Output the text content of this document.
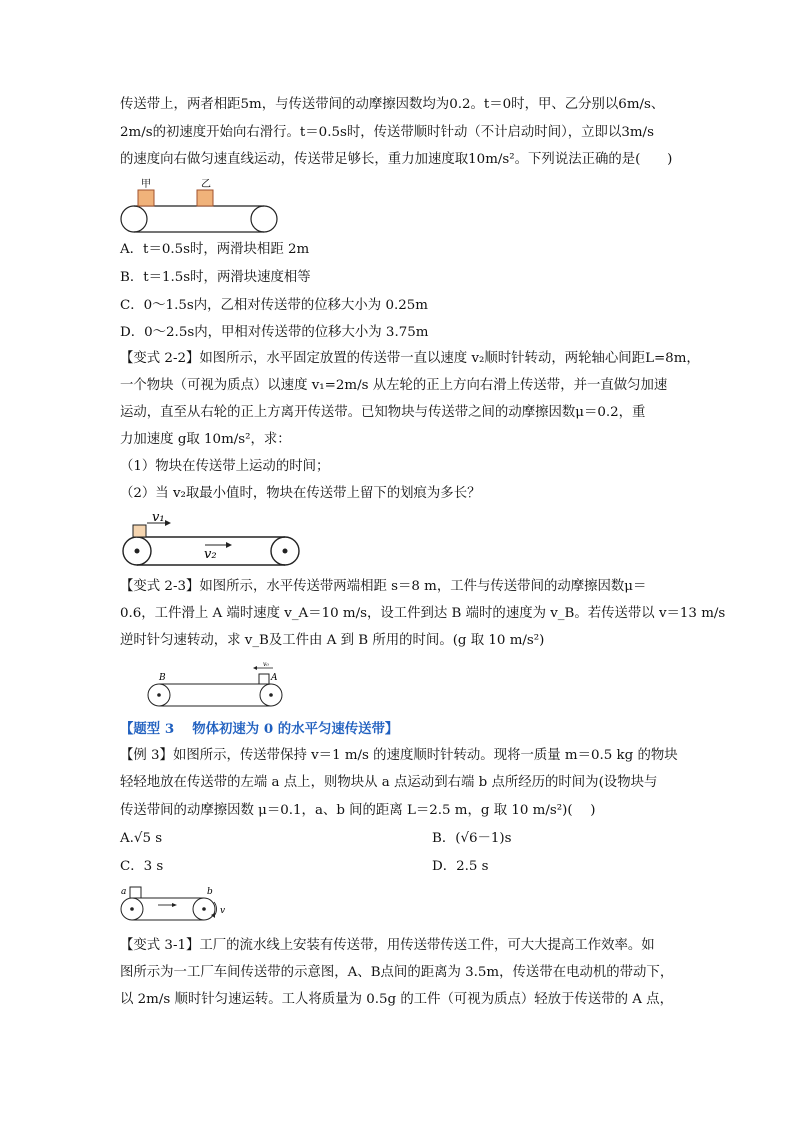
传送带上，两者相距5m，与传送带间的动摩擦因数均为0.2。t＝0时，甲、乙分别以6m/s、
2m/s的初速度开始向右滑行。t＝0.5s时，传送带顺时针动（不计启动时间），立即以3m/s
的速度向右做匀速直线运动，传送带足够长，重力加速度取10m/s²。下列说法正确的是(　　)
甲	乙
A．t＝0.5s时，两滑块相距 2m
B．t＝1.5s时，两滑块速度相等
C．0～1.5s内，乙相对传送带的位移大小为 0.25m
D．0～2.5s内，甲相对传送带的位移大小为 3.75m
【变式 2-2】如图所示，水平固定放置的传送带一直以速度 v₂顺时针转动，两轮轴心间距L=8m，
一个物块（可视为质点）以速度 v₁=2m/s 从左轮的正上方向右滑上传送带，并一直做匀加速
运动，直至从右轮的正上方离开传送带。已知物块与传送带之间的动摩擦因数μ＝0.2，重
力加速度 g取 10m/s²，求：
（1）物块在传送带上运动的时间；
（2）当 v₂取最小值时，物块在传送带上留下的划痕为多长？
v₁
v₂
【变式 2-3】如图所示，水平传送带两端相距 s＝8 m，工件与传送带间的动摩擦因数μ＝
0.6，工件滑上 A 端时速度 v_A＝10 m/s，设工件到达 B 端时的速度为 v_B。若传送带以 v＝13 m/s
逆时针匀速转动，求 v_B及工件由 A 到 B 所用的时间。(g 取 10 m/s²)
v₀
B	A
【题型 3　 物体初速为 0 的水平匀速传送带】
【例 3】如图所示，传送带保持 v＝1 m/s 的速度顺时针转动。现将一质量 m＝0.5 kg 的物块
轻轻地放在传送带的左端 a 点上，则物块从 a 点运动到右端 b 点所经历的时间为(设物块与
传送带间的动摩擦因数 μ＝0.1，a、b 间的距离 L＝2.5 m，g 取 10 m/s²)(　 )
A.√5 s	B．(√6－1)s
C．3 s	D．2.5 s
a	b
v
【变式 3-1】工厂的流水线上安装有传送带，用传送带传送工件，可大大提高工作效率。如
图所示为一工厂车间传送带的示意图，A、B点间的距离为 3.5m，传送带在电动机的带动下，
以 2m/s 顺时针匀速运转。工人将质量为 0.5g 的工件（可视为质点）轻放于传送带的 A 点，
